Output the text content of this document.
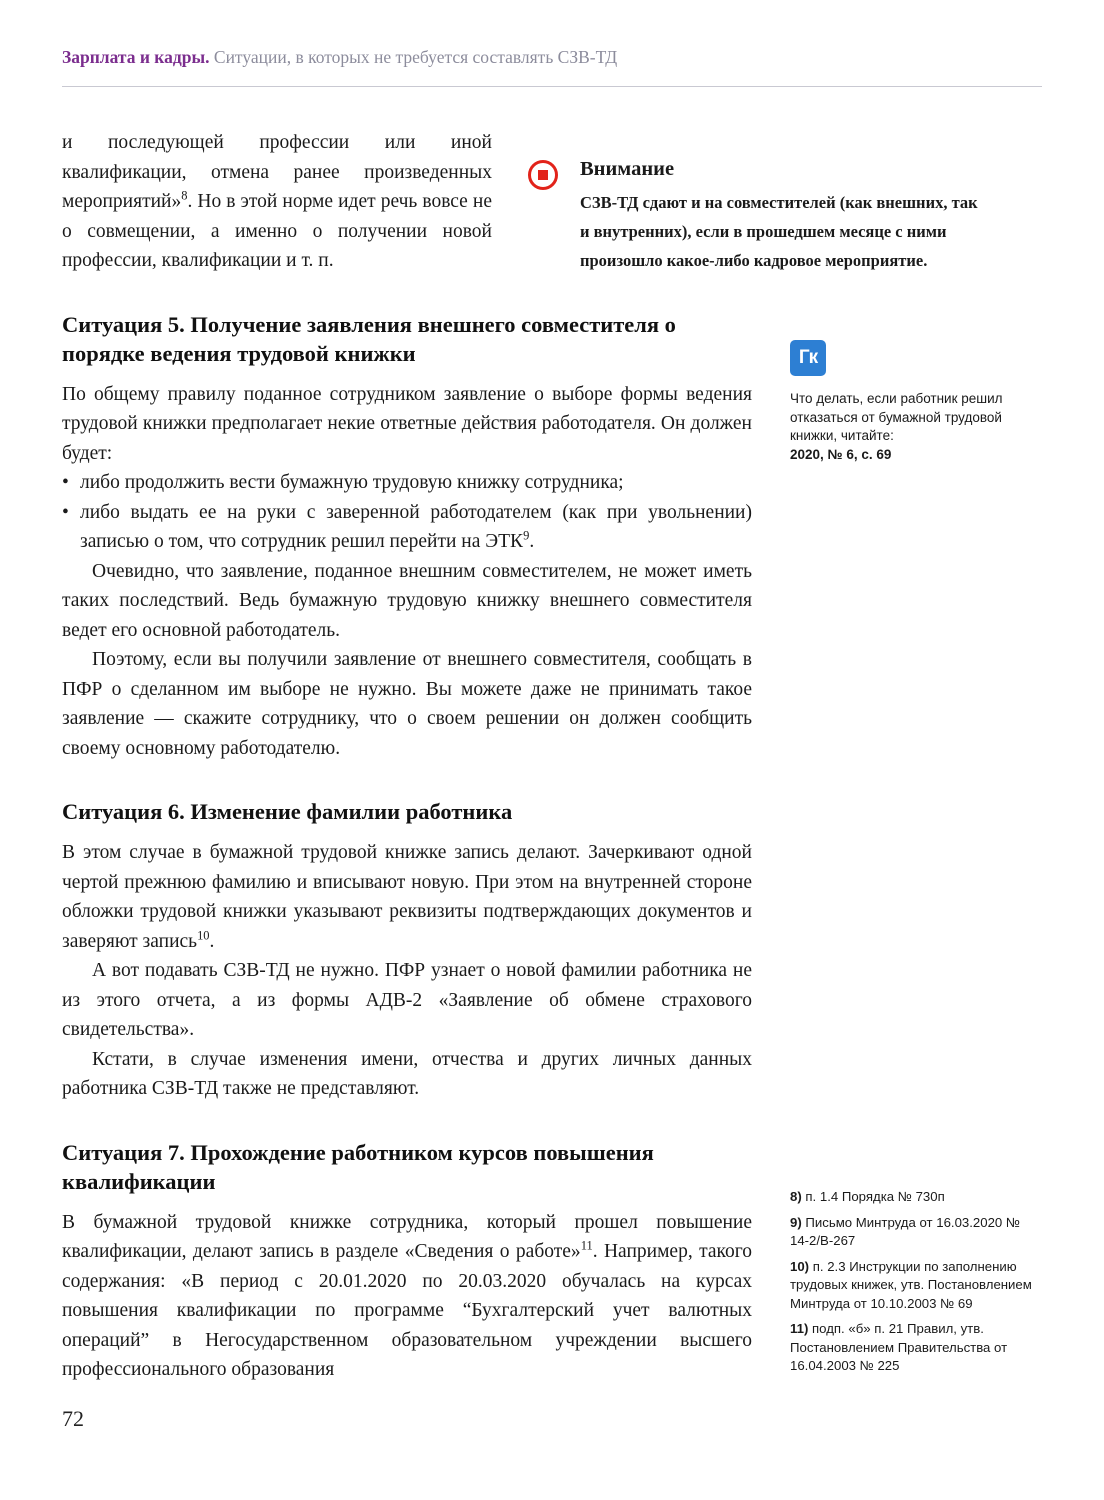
Зарплата и кадры. Ситуации, в которых не требуется составлять СЗВ-ТД
Внимание
СЗВ-ТД сдают и на совместителей (как внешних, так и внутренних), если в прошедшем месяце с ними произошло какое-либо кадровое мероприятие.
Гк
Что делать, если работник решил отказаться от бумажной трудовой книжки, читайте:
2020, № 6, с. 69

и последующей профессии или иной квалификации, отмена ранее произведенных мероприятий»$^8$. Но в этой норме идет речь вовсе не о совмещении, а именно о получении новой профессии, квалификации и т. п.

Ситуация 5. Получение заявления внешнего совместителя о порядке ведения трудовой книжки

По общему правилу поданное сотрудником заявление о выборе формы ведения трудовой книжки предполагает некие ответные действия работодателя. Он должен будет:

• либо продолжить вести бумажную трудовую книжку сотрудника;
• либо выдать ее на руки с заверенной работодателем (как при увольнении) записью о том, что сотрудник решил перейти на ЭТК$^9$.

Очевидно, что заявление, поданное внешним совместителем, не может иметь таких последствий. Ведь бумажную трудовую книжку внешнего совместителя ведет его основной работодатель.

Поэтому, если вы получили заявление от внешнего совместителя, сообщать в ПФР о сделанном им выборе не нужно. Вы можете даже не принимать такое заявление — скажите сотруднику, что о своем решении он должен сообщить своему основному работодателю.

Ситуация 6. Изменение фамилии работника

В этом случае в бумажной трудовой книжке запись делают. Зачеркивают одной чертой прежнюю фамилию и вписывают новую. При этом на внутренней стороне обложки трудовой книжки указывают реквизиты подтверждающих документов и заверяют запись$^{10}$.

А вот подавать СЗВ-ТД не нужно. ПФР узнает о новой фамилии работника не из этого отчета, а из формы АДВ-2 «Заявление об обмене страхового свидетельства».

Кстати, в случае изменения имени, отчества и других личных данных работника СЗВ-ТД также не представляют.

Ситуация 7. Прохождение работником курсов повышения квалификации

В бумажной трудовой книжке сотрудника, который прошел повышение квалификации, делают запись в разделе «Сведения о работе»$^{11}$. Например, такого содержания: «В период с 20.01.2020 по 20.03.2020 обучалась на курсах повышения квалификации по программе “Бухгалтерский учет валютных операций” в Негосударственном образовательном учреждении высшего профессионального образования

8) п. 1.4 Порядка № 730п
9) Письмо Минтруда от 16.03.2020 № 14-2/В-267
10) п. 2.3 Инструкции по заполнению трудовых книжек, утв. Постановлением Минтруда от 10.10.2003 № 69
11) подп. «б» п. 21 Правил, утв. Постановлением Правительства от 16.04.2003 № 225
72
